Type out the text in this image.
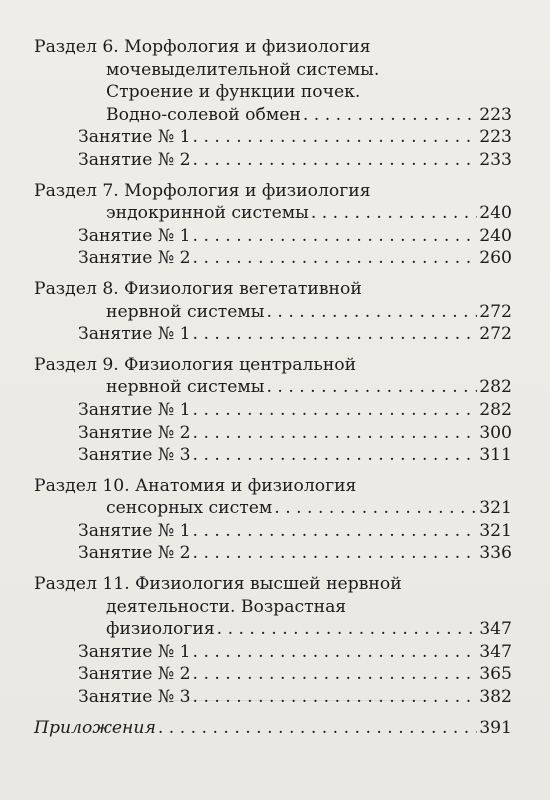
Раздел 6. Морфология и физиология
мочевыделительной системы.
Строение и функции почек.
Водно-солевой обмен . . .	223
Занятие № 1 . . .	223
Занятие № 2 . . .	233
Раздел 7. Морфология и физиология
эндокринной системы . . .	240
Занятие № 1 . . .	240
Занятие № 2 . . .	260
Раздел 8. Физиология вегетативной
нервной системы . . .	272
Занятие № 1 . . .	272
Раздел 9. Физиология центральной
нервной системы . . .	282
Занятие № 1 . . .	282
Занятие № 2 . . .	300
Занятие № 3 . . .	311
Раздел 10. Анатомия и физиология
сенсорных систем . . .	321
Занятие № 1 . . .	321
Занятие № 2 . . .	336
Раздел 11. Физиология высшей нервной
деятельности. Возрастная
физиология . . .	347
Занятие № 1 . . .	347
Занятие № 2 . . .	365
Занятие № 3 . . .	382
Приложения . . .	391
